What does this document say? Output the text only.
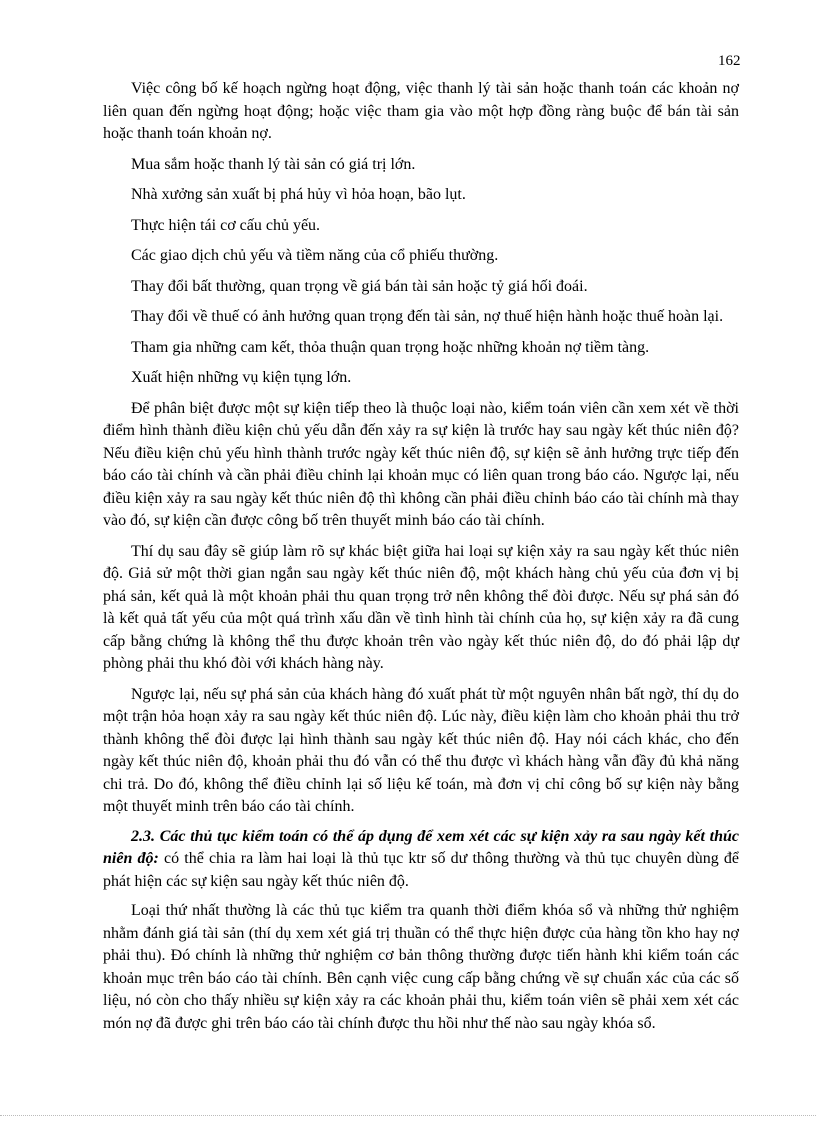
162

Việc công bố kế hoạch ngừng hoạt động, việc thanh lý tài sản hoặc thanh toán các khoản nợ liên quan đến ngừng hoạt động; hoặc việc tham gia vào một hợp đồng ràng buộc để bán tài sản hoặc thanh toán khoản nợ.

Mua sắm hoặc thanh lý tài sản có giá trị lớn.

Nhà xưởng sản xuất bị phá hủy vì hỏa hoạn, bão lụt.

Thực hiện tái cơ cấu chủ yếu.

Các giao dịch chủ yếu và tiềm năng của cổ phiếu thường.

Thay đổi bất thường, quan trọng về giá bán tài sản hoặc tỷ giá hối đoái.

Thay đổi về thuế có ảnh hưởng quan trọng đến tài sản, nợ thuế hiện hành hoặc thuế hoàn lại.

Tham gia những cam kết, thỏa thuận quan trọng hoặc những khoản nợ tiềm tàng.

Xuất hiện những vụ kiện tụng lớn.

Để phân biệt được một sự kiện tiếp theo là thuộc loại nào, kiểm toán viên cần xem xét về thời điểm hình thành điều kiện chủ yếu dẫn đến xảy ra sự kiện là trước hay sau ngày kết thúc niên độ? Nếu điều kiện chủ yếu hình thành trước ngày kết thúc niên độ, sự kiện sẽ ảnh hưởng trực tiếp đến báo cáo tài chính và cần phải điều chỉnh lại khoản mục có liên quan trong báo cáo. Ngược lại, nếu điều kiện xảy ra sau ngày kết thúc niên độ thì không cần phải điều chỉnh báo cáo tài chính mà thay vào đó, sự kiện cần được công bố trên thuyết minh báo cáo tài chính.

Thí dụ sau đây sẽ giúp làm rõ sự khác biệt giữa hai loại sự kiện xảy ra sau ngày kết thúc niên độ. Giả sử một thời gian ngắn sau ngày kết thúc niên độ, một khách hàng chủ yếu của đơn vị bị phá sản, kết quả là một khoản phải thu quan trọng trở nên không thể đòi được. Nếu sự phá sản đó là kết quả tất yếu của một quá trình xấu dần về tình hình tài chính của họ, sự kiện xảy ra đã cung cấp bằng chứng là không thể thu được khoản trên vào ngày kết thúc niên độ, do đó phải lập dự phòng phải thu khó đòi với khách hàng này.

Ngược lại, nếu sự phá sản của khách hàng đó xuất phát từ một nguyên nhân bất ngờ, thí dụ do một trận hỏa hoạn xảy ra sau ngày kết thúc niên độ. Lúc này, điều kiện làm cho khoản phải thu trở thành không thể đòi được lại hình thành sau ngày kết thúc niên độ. Hay nói cách khác, cho đến ngày kết thúc niên độ, khoản phải thu đó vẫn có thể thu được vì khách hàng vẫn đầy đủ khả năng chi trả. Do đó, không thể điều chỉnh lại số liệu kế toán, mà đơn vị chỉ công bố sự kiện này bằng một thuyết minh trên báo cáo tài chính.

2.3. Các thủ tục kiểm toán có thể áp dụng để xem xét các sự kiện xảy ra sau ngày kết thúc niên độ: có thể chia ra làm hai loại là thủ tục ktr số dư thông thường và thủ tục chuyên dùng để phát hiện các sự kiện sau ngày kết thúc niên độ.

Loại thứ nhất thường là các thủ tục kiểm tra quanh thời điểm khóa sổ và những thử nghiệm nhằm đánh giá tài sản (thí dụ xem xét giá trị thuần có thể thực hiện được của hàng tồn kho hay nợ phải thu). Đó chính là những thử nghiệm cơ bản thông thường được tiến hành khi kiểm toán các khoản mục trên báo cáo tài chính. Bên cạnh việc cung cấp bằng chứng về sự chuẩn xác của các số liệu, nó còn cho thấy nhiều sự kiện xảy ra các khoản phải thu, kiểm toán viên sẽ phải xem xét các món nợ đã được ghi trên báo cáo tài chính được thu hồi như thế nào sau ngày khóa sổ.
